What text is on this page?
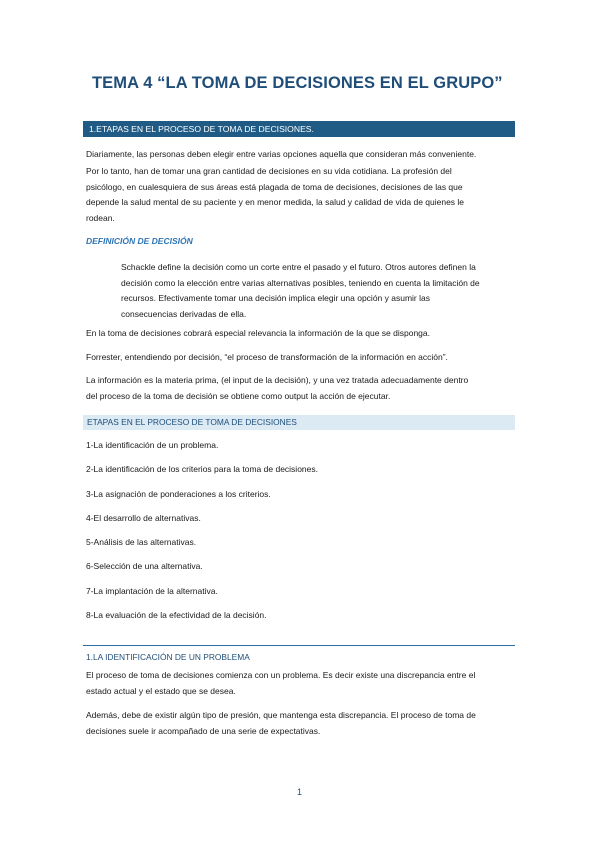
TEMA 4 “LA TOMA DE DECISIONES EN EL GRUPO”
1.ETAPAS EN EL PROCESO DE TOMA DE DECISIONES.
Diariamente, las personas deben elegir entre varias opciones aquella que consideran más conveniente.
Por lo tanto, han de tomar una gran cantidad de decisiones en su vida cotidiana. La profesión del
psicólogo, en cualesquiera de sus áreas está plagada de toma de decisiones, decisiones de las que
depende la salud mental de su paciente y en menor medida, la salud y calidad de vida de quienes le
rodean.
DEFINICIÓN DE DECISIÓN
Schackle define la decisión como un corte entre el pasado y el futuro. Otros autores definen la
decisión como la elección entre varias alternativas posibles, teniendo en cuenta la limitación de
recursos. Efectivamente tomar una decisión implica elegir una opción y asumir las
consecuencias derivadas de ella.
En la toma de decisiones cobrará especial relevancia la información de la que se disponga.
Forrester, entendiendo por decisión, “el proceso de transformación de la información en acción”.
La información es la materia prima, (el input de la decisión), y una vez tratada adecuadamente dentro
del proceso de la toma de decisión se obtiene como output la acción de ejecutar.
ETAPAS EN EL PROCESO DE TOMA DE DECISIONES
1-La identificación de un problema.
2-La identificación de los criterios para la toma de decisiones.
3-La asignación de ponderaciones a los criterios.
4-El desarrollo de alternativas.
5-Análisis de las alternativas.
6-Selección de una alternativa.
7-La implantación de la alternativa.
8-La evaluación de la efectividad de la decisión.
1.LA IDENTIFICACIÓN DE UN PROBLEMA
El proceso de toma de decisiones comienza con un problema. Es decir existe una discrepancia entre el
estado actual y el estado que se desea.
Además, debe de existir algún tipo de presión, que mantenga esta discrepancia. El proceso de toma de
decisiones suele ir acompañado de una serie de expectativas.
1
